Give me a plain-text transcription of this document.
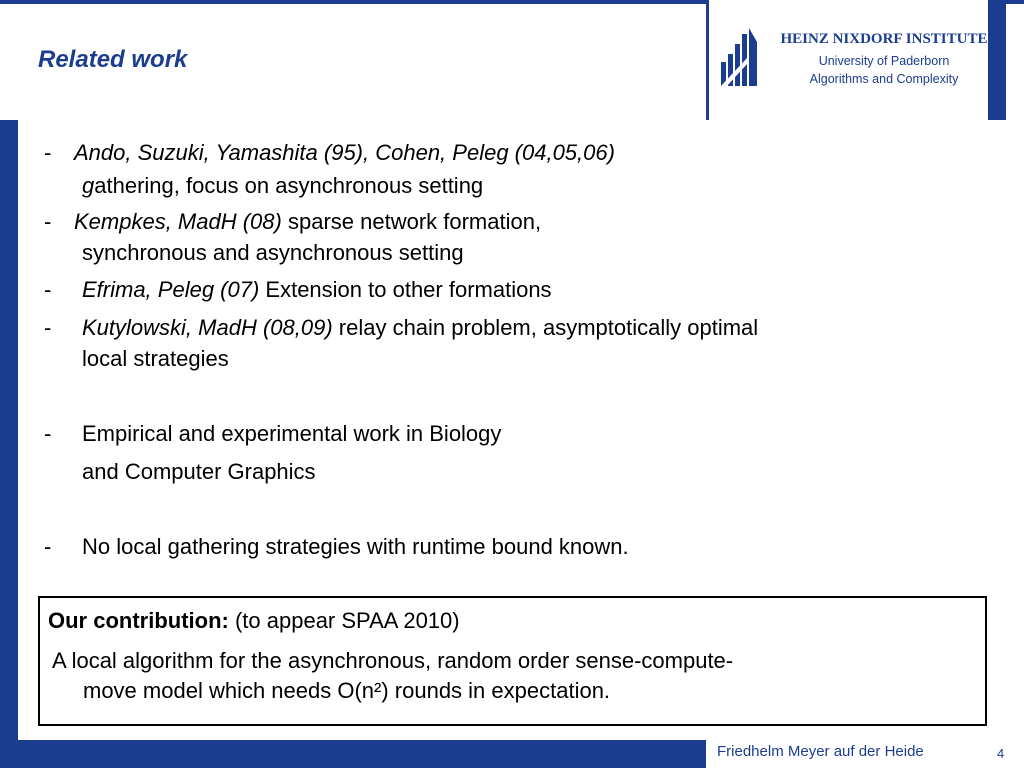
HEINZ NIXDORF INSTITUTE
University of Paderborn
Algorithms and Complexity
Related work
- Ando, Suzuki, Yamashita (95), Cohen, Peleg (04,05,06)
gathering, focus on asynchronous setting
- Kempkes, MadH (08) sparse network formation,
synchronous and asynchronous setting
- Efrima, Peleg (07) Extension to other formations
- Kutylowski, MadH (08,09) relay chain problem, asymptotically optimal
local strategies
- Empirical and experimental work in Biology
and Computer Graphics
- No local gathering strategies with runtime bound known.
Our contribution: (to appear SPAA 2010)
A local algorithm for the asynchronous, random order sense-compute-
move model which needs O(n²) rounds in expectation.
Friedhelm Meyer auf der Heide	4
